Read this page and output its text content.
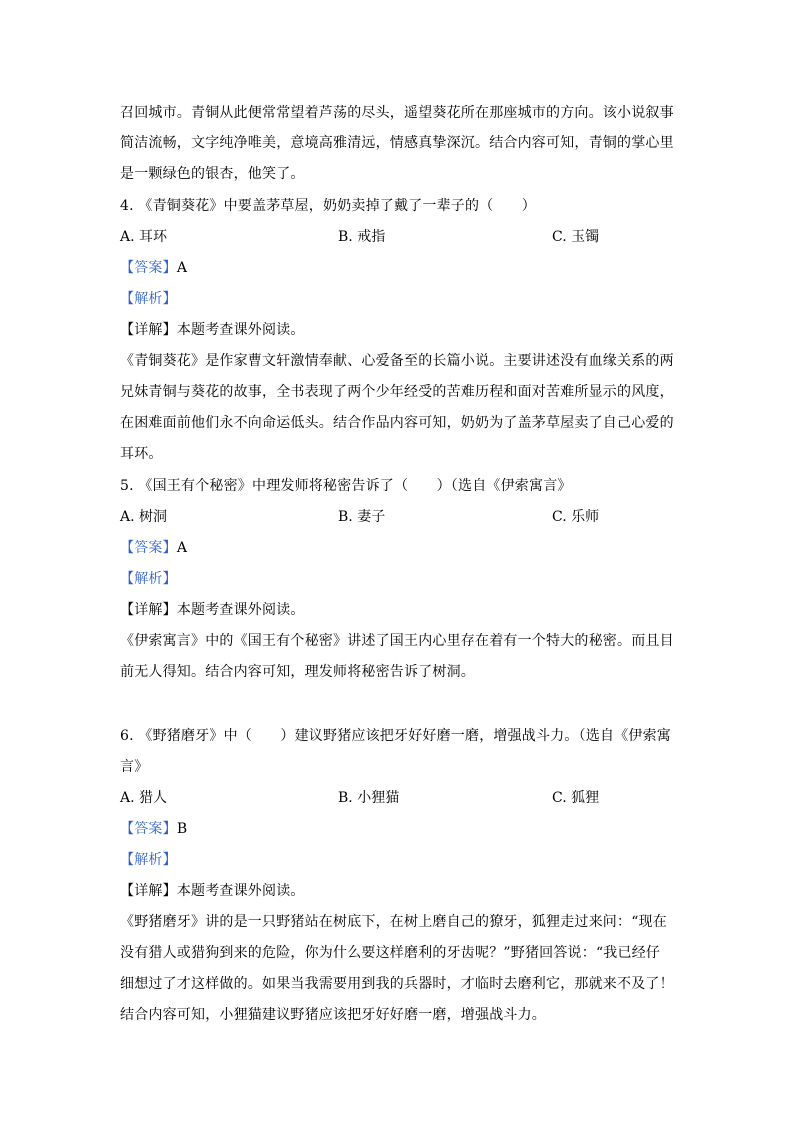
召回城市。青铜从此便常常望着芦荡的尽头，遥望葵花所在那座城市的方向。该小说叙事
简洁流畅，文字纯净唯美，意境高雅清远，情感真挚深沉。结合内容可知，青铜的掌心里
是一颗绿色的银杏，他笑了。
4. 《青铜葵花》中要盖茅草屋，奶奶卖掉了戴了一辈子的（　　）
A. 耳环	B. 戒指	C. 玉镯
【答案】A
【解析】
【详解】本题考查课外阅读。
《青铜葵花》是作家曹文轩激情奉献、心爱备至的长篇小说。主要讲述没有血缘关系的两
兄妹青铜与葵花的故事，全书表现了两个少年经受的苦难历程和面对苦难所显示的风度，
在困难面前他们永不向命运低头。结合作品内容可知，奶奶为了盖茅草屋卖了自己心爱的
耳环。
5. 《国王有个秘密》中理发师将秘密告诉了（　　）（选自《伊索寓言》
A. 树洞	B. 妻子	C. 乐师
【答案】A
【解析】
【详解】本题考查课外阅读。
《伊索寓言》中的《国王有个秘密》讲述了国王内心里存在着有一个特大的秘密。而且目
前无人得知。结合内容可知，理发师将秘密告诉了树洞。
6. 《野猪磨牙》中（　　）建议野猪应该把牙好好磨一磨，增强战斗力。（选自《伊索寓
言》
A. 猎人	B. 小狸猫	C. 狐狸
【答案】B
【解析】
【详解】本题考查课外阅读。
《野猪磨牙》讲的是一只野猪站在树底下，在树上磨自己的獠牙，狐狸走过来问：“现在
没有猎人或猎狗到来的危险，你为什么要这样磨利的牙齿呢？”野猪回答说：“我已经仔
细想过了才这样做的。如果当我需要用到我的兵器时，才临时去磨利它，那就来不及了！
结合内容可知，小狸猫建议野猪应该把牙好好磨一磨，增强战斗力。
